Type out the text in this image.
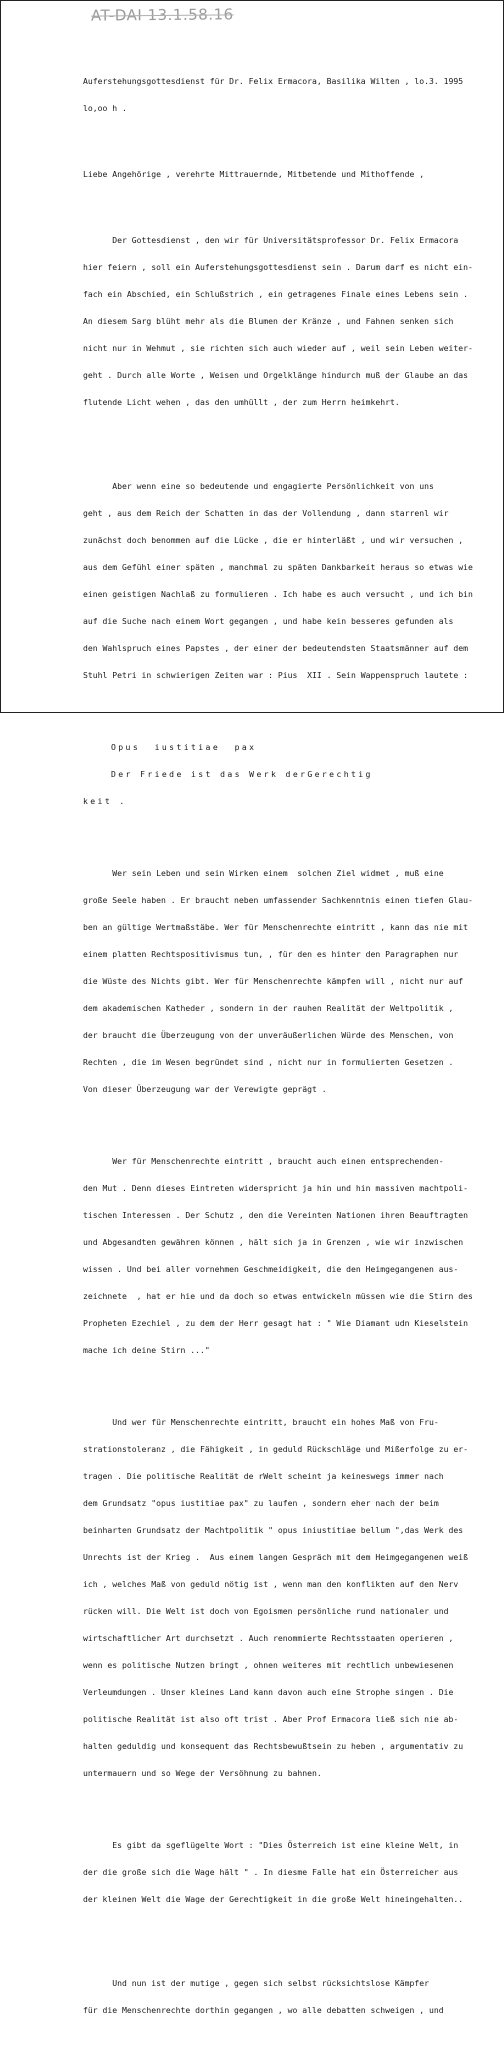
AT-DAI 13.1.58.16

Auferstehungsgottesdienst für Dr. Felix Ermacora, Basilika Wilten , lo.3. 1995

lo,oo h .

Liebe Angehörige , verehrte Mittrauernde, Mitbetende und Mithoffende ,

Der Gottesdienst , den wir für Universitätsprofessor Dr. Felix Ermacora

hier feiern , soll ein Auferstehungsgottesdienst sein . Darum darf es nicht ein-

fach ein Abschied, ein Schlußstrich , ein getragenes Finale eines Lebens sein .

An diesem Sarg blüht mehr als die Blumen der Kränze , und Fahnen senken sich

nicht nur in Wehmut , sie richten sich auch wieder auf , weil sein Leben weiter-

geht . Durch alle Worte , Weisen und Orgelklänge hindurch muß der Glaube an das

flutende Licht wehen , das den umhüllt , der zum Herrn heimkehrt.

Aber wenn eine so bedeutende und engagierte Persönlichkeit von uns

geht , aus dem Reich der Schatten in das der Vollendung , dann starrenl wir

zunächst doch benommen auf die Lücke , die er hinterläßt , und wir versuchen ,

aus dem Gefühl einer späten , manchmal zu späten Dankbarkeit heraus so etwas wie

einen geistigen Nachlaß zu formulieren . Ich habe es auch versucht , und ich bin

auf die Suche nach einem Wort gegangen , und habe kein besseres gefunden als

den Wahlspruch eines Papstes , der einer der bedeutendsten Staatsmänner auf dem

Stuhl Petri in schwierigen Zeiten war : Pius  XII . Sein Wappenspruch lautete :

Opus  iustitiae  pax

Der Friede ist das Werk derGerechtig

keit .

Wer sein Leben und sein Wirken einem  solchen Ziel widmet , muß eine

große Seele haben . Er braucht neben umfassender Sachkenntnis einen tiefen Glau-

ben an gültige Wertmaßstäbe. Wer für Menschenrechte eintritt , kann das nie mit

einem platten Rechtspositivismus tun, , für den es hinter den Paragraphen nur

die Wüste des Nichts gibt. Wer für Menschenrechte kämpfen will , nicht nur auf

dem akademischen Katheder , sondern in der rauhen Realität der Weltpolitik ,

der braucht die Überzeugung von der unveräußerlichen Würde des Menschen, von

Rechten , die im Wesen begründet sind , nicht nur in formulierten Gesetzen .

Von dieser Überzeugung war der Verewigte geprägt .

Wer für Menschenrechte eintritt , braucht auch einen entsprechenden-

den Mut . Denn dieses Eintreten widerspricht ja hin und hin massiven machtpoli-

tischen Interessen . Der Schutz , den die Vereinten Nationen ihren Beauftragten

und Abgesandten gewähren können , hält sich ja in Grenzen , wie wir inzwischen

wissen . Und bei aller vornehmen Geschmeidigkeit, die den Heimgegangenen aus-

zeichnete  , hat er hie und da doch so etwas entwickeln müssen wie die Stirn des

Propheten Ezechiel , zu dem der Herr gesagt hat : " Wie Diamant udn Kieselstein

mache ich deine Stirn ..."

Und wer für Menschenrechte eintritt, braucht ein hohes Maß von Fru-

strationstoleranz , die Fähigkeit , in geduld Rückschläge und Mißerfolge zu er-

tragen . Die politische Realität de rWelt scheint ja keineswegs immer nach

dem Grundsatz "opus iustitiae pax" zu laufen , sondern eher nach der beim

beinharten Grundsatz der Machtpolitik " opus iniustitiae bellum ",das Werk des

Unrechts ist der Krieg .  Aus einem langen Gespräch mit dem Heimgegangenen weiß

ich , welches Maß von geduld nötig ist , wenn man den konflikten auf den Nerv

rücken will. Die Welt ist doch von Egoismen persönliche rund nationaler und

wirtschaftlicher Art durchsetzt . Auch renommierte Rechtsstaaten operieren ,

wenn es politische Nutzen bringt , ohnen weiteres mit rechtlich unbewiesenen

Verleumdungen . Unser kleines Land kann davon auch eine Strophe singen . Die

politische Realität ist also oft trist . Aber Prof Ermacora ließ sich nie ab-

halten geduldig und konsequent das Rechtsbewußtsein zu heben , argumentativ zu

untermauern und so Wege der Versöhnung zu bahnen.

Es gibt da sgeflügelte Wort : "Dies Österreich ist eine kleine Welt, in

der die große sich die Wage hält " . In diesme Falle hat ein Österreicher aus

der kleinen Welt die Wage der Gerechtigkeit in die große Welt hineingehalten..

Und nun ist der mutige , gegen sich selbst rücksichtslose Kämpfer

für die Menschenrechte dorthin gegangen , wo alle debatten schweigen , und
